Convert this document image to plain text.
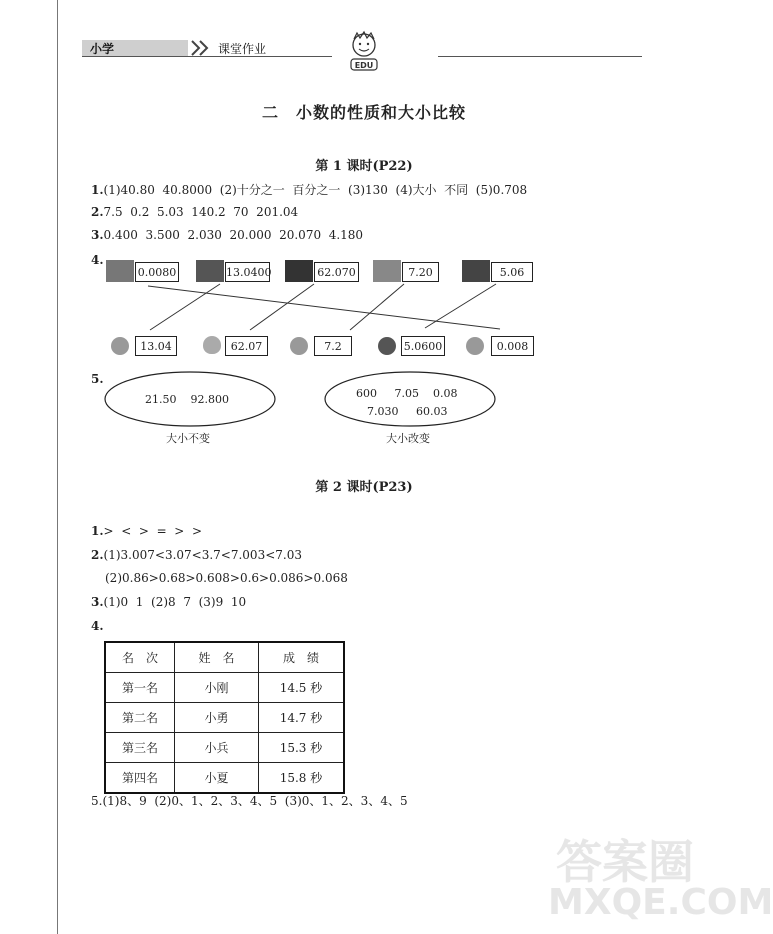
小学	课堂作业
EDU
二　小数的性质和大小比较
第 1 课时(P22)
1.(1)40.80  40.8000  (2)十分之一  百分之一  (3)130  (4)大小  不同  (5)0.708
2.7.5  0.2  5.03  140.2  70  201.04
3.0.400  3.500  2.030  20.000  20.070  4.180
4.
0.0080	13.0400	62.070	7.20	5.06
13.04	62.07	7.2	5.0600	0.008
5.
21.50    92.800
大小不变
600     7.05    0.08
7.030     60.03
大小改变
第 2 课时(P23)
1.>  <  >  =  >  >
2.(1)3.007<3.07<3.7<7.003<7.03
(2)0.86>0.68>0.608>0.6>0.086>0.068
3.(1)0  1  (2)8  7  (3)9  10
4.
名　次	姓　名	成　绩
第一名	小刚	14.5 秒
第二名	小勇	14.7 秒
第三名	小兵	15.3 秒
第四名	小夏	15.8 秒
5.(1)8、9  (2)0、1、2、3、4、5  (3)0、1、2、3、4、5
答案圈
MXQE.COM
